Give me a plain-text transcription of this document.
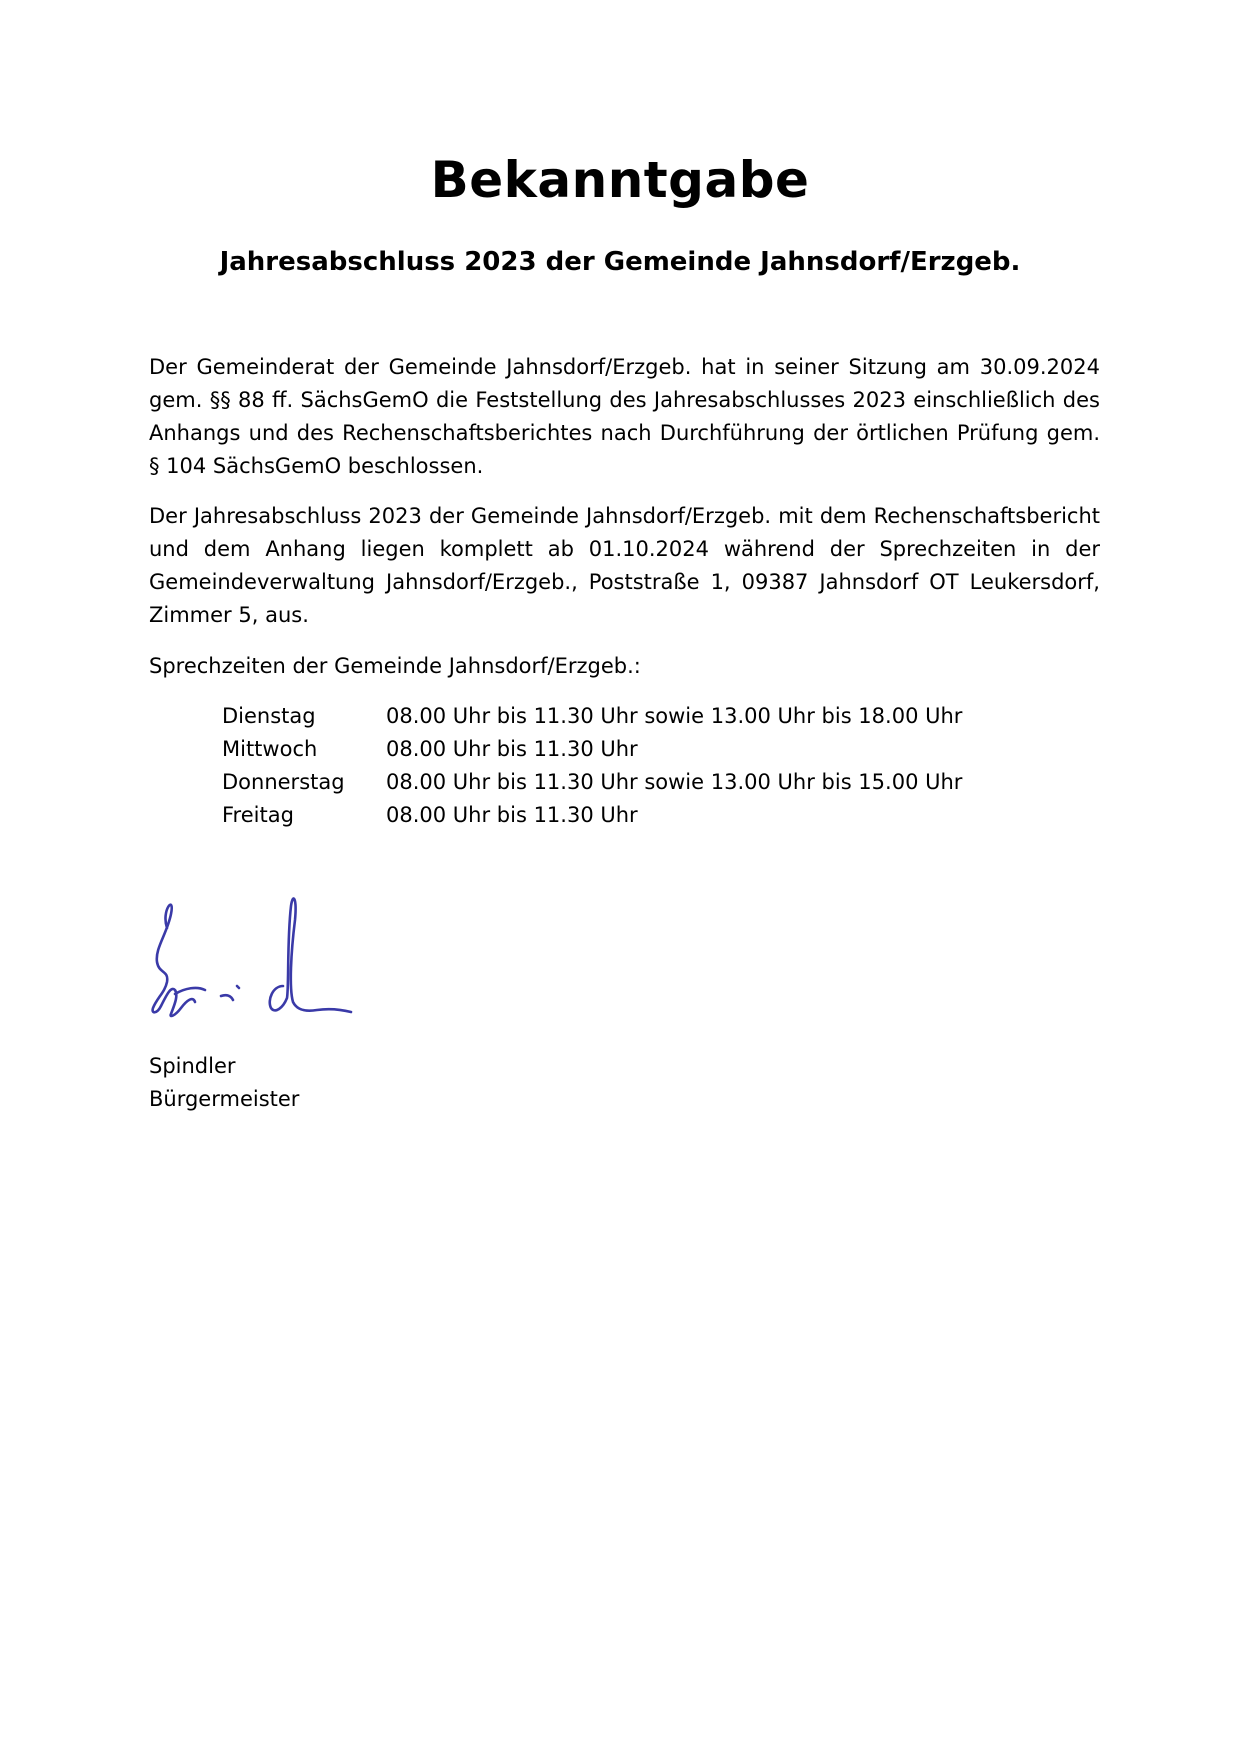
Bekanntgabe
Jahresabschluss 2023 der Gemeinde Jahnsdorf/Erzgeb.
Der Gemeinderat der Gemeinde Jahnsdorf/Erzgeb. hat in seiner Sitzung am 30.09.2024 gem. §§ 88 ff. SächsGemO die Feststellung des Jahresabschlusses 2023 einschließlich des Anhangs und des Rechenschaftsberichtes nach Durchführung der örtlichen Prüfung gem. § 104 SächsGemO beschlossen.
Der Jahresabschluss 2023 der Gemeinde Jahnsdorf/Erzgeb. mit dem Rechenschaftsbericht und dem Anhang liegen komplett ab 01.10.2024 während der Sprechzeiten in der Gemeindeverwaltung Jahnsdorf/Erzgeb., Poststraße 1, 09387 Jahnsdorf OT Leukersdorf, Zimmer 5, aus.
Sprechzeiten der Gemeinde Jahnsdorf/Erzgeb.:
Dienstag	08.00 Uhr bis 11.30 Uhr sowie 13.00 Uhr bis 18.00 Uhr
Mittwoch	08.00 Uhr bis 11.30 Uhr
Donnerstag	08.00 Uhr bis 11.30 Uhr sowie 13.00 Uhr bis 15.00 Uhr
Freitag	08.00 Uhr bis 11.30 Uhr
Spindler
Bürgermeister
